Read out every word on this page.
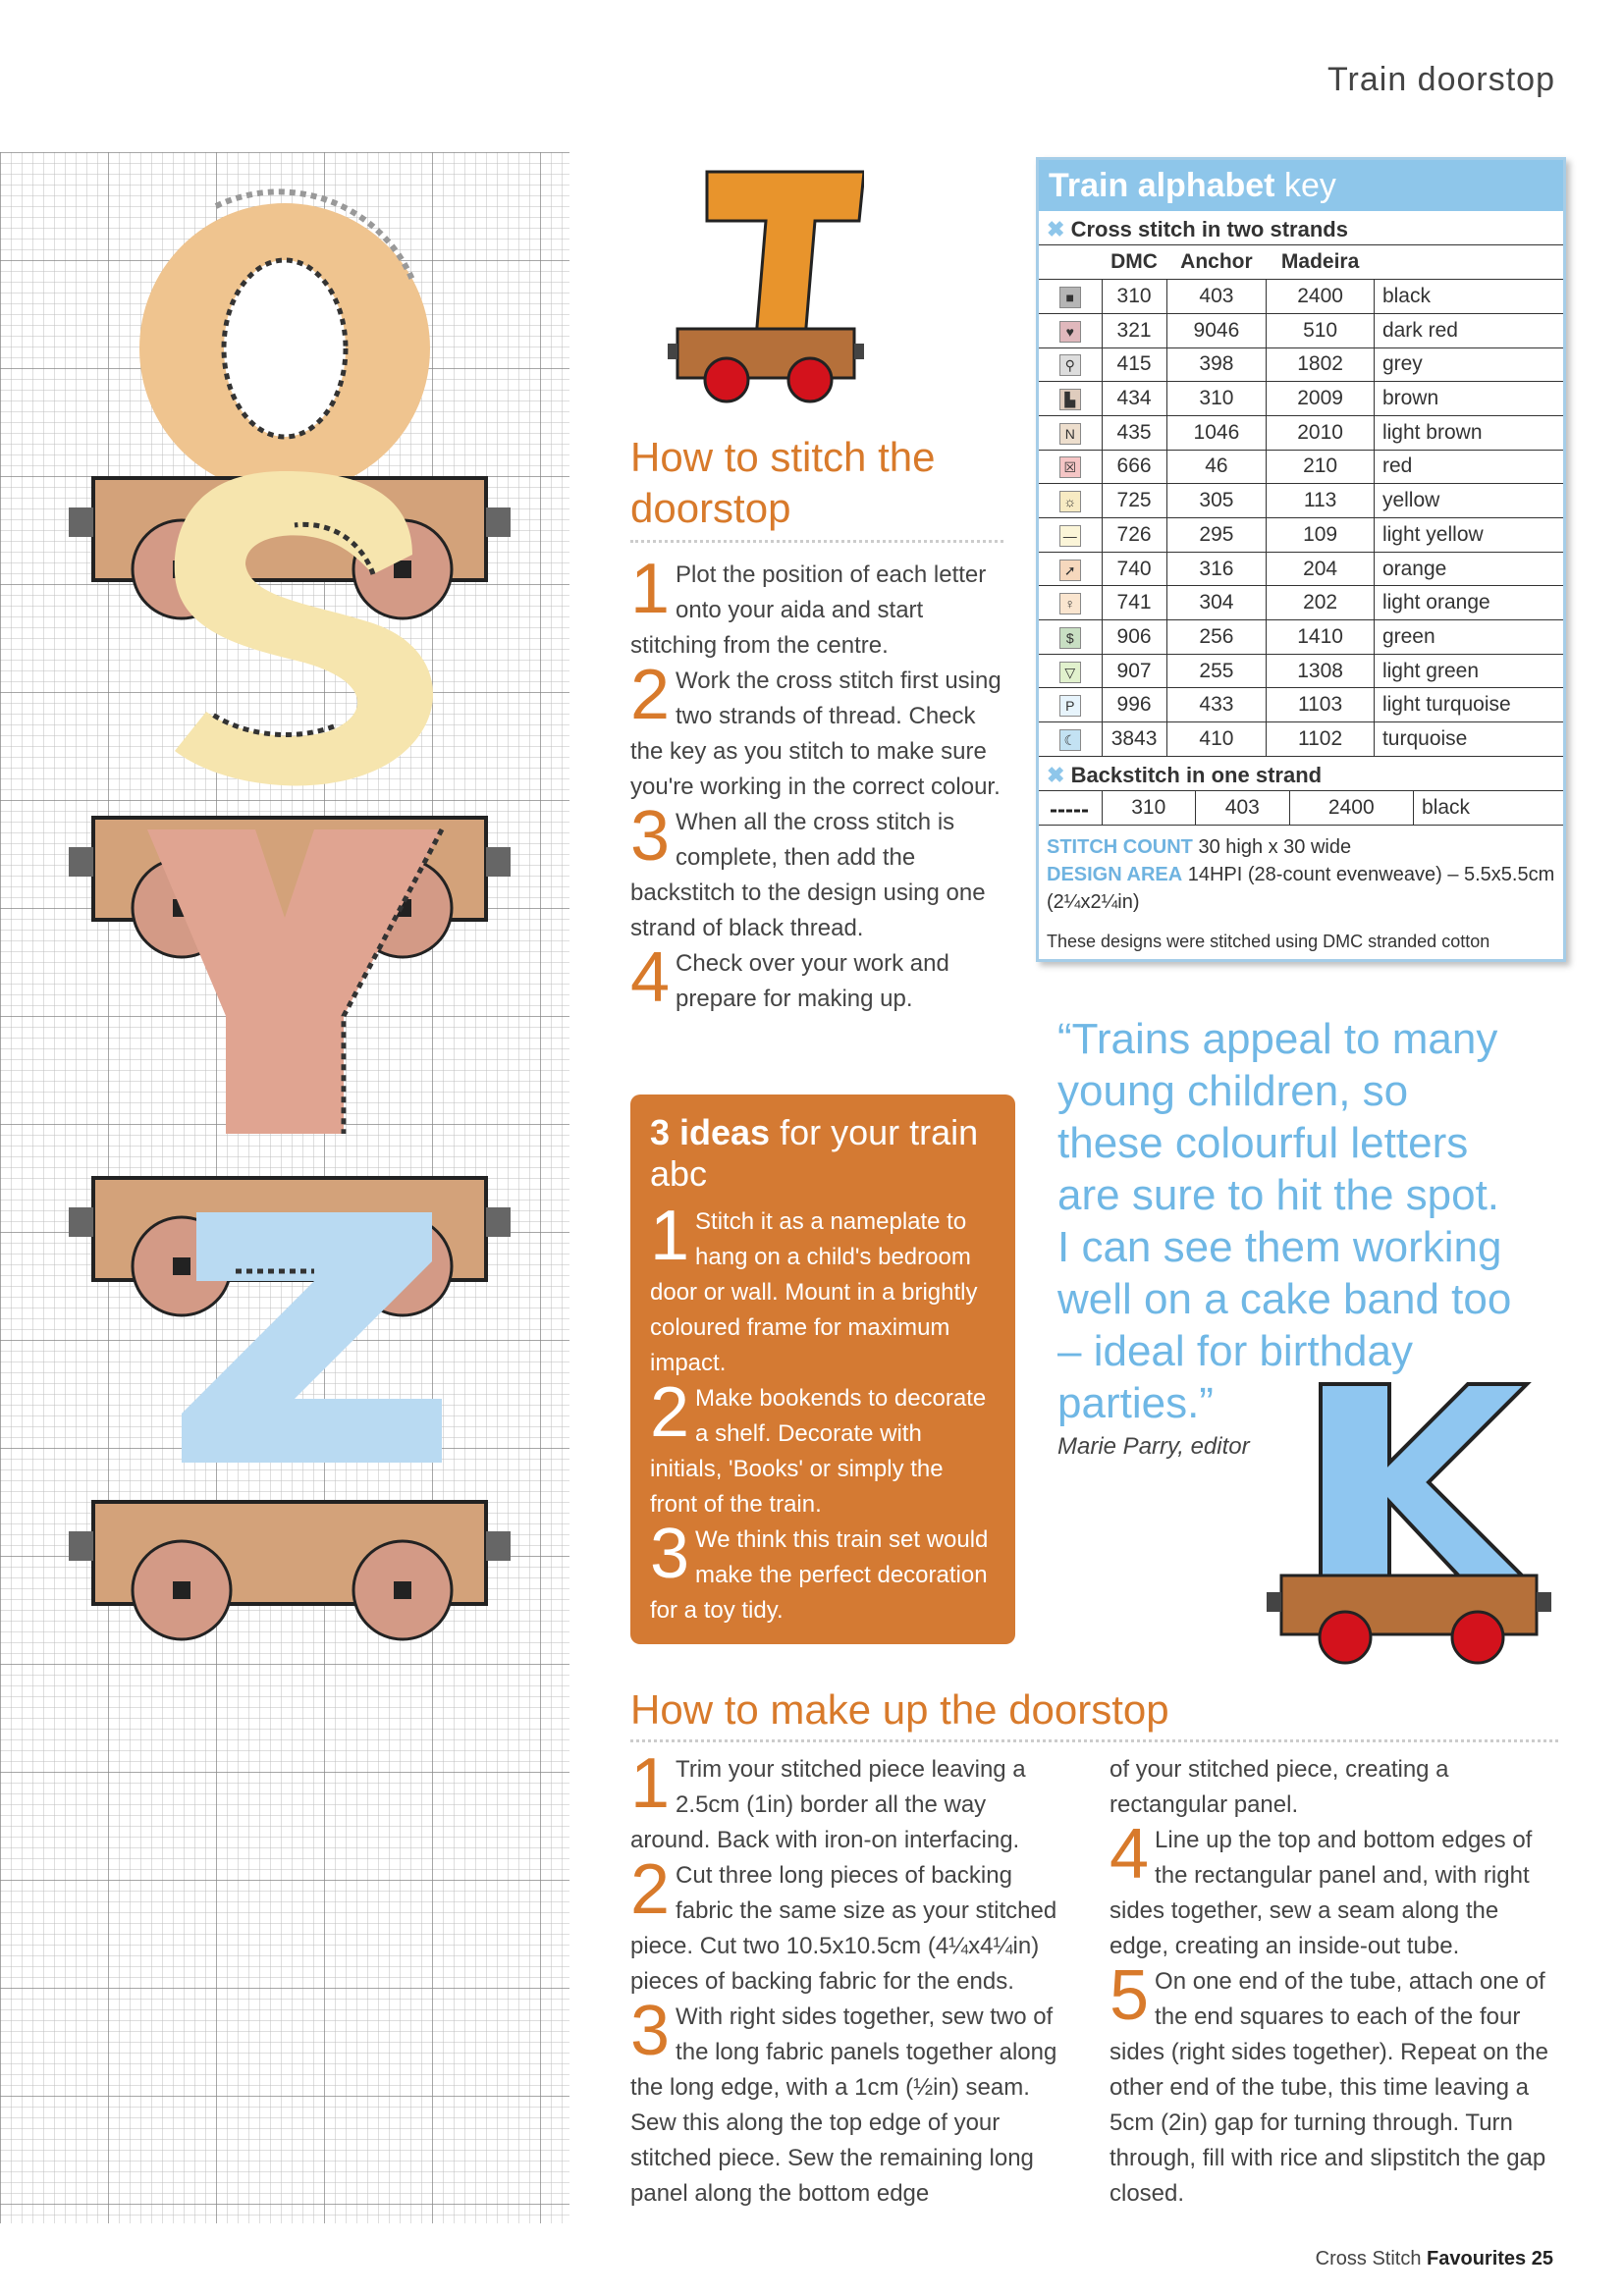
Train doorstop
How to stitch the doorstop
1 Plot the position of each letter onto your aida and start stitching from the centre.
2 Work the cross stitch first using two strands of thread. Check the key as you stitch to make sure you're working in the correct colour.
3 When all the cross stitch is complete, then add the backstitch to the design using one strand of black thread.
4 Check over your work and prepare for making up.
3 ideas for your train abc
1 Stitch it as a nameplate to hang on a child's bedroom door or wall. Mount in a brightly coloured frame for maximum impact.
2 Make bookends to decorate a shelf. Decorate with initials, 'Books' or simply the front of the train.
3 We think this train set would make the perfect decoration for a toy tidy.
Train alphabet key
✖ Cross stitch in two strands
	DMC	Anchor	Madeira	
■	310	403	2400	black
♥	321	9046	510	dark red
⚲	415	398	1802	grey
▙	434	310	2009	brown
N	435	1046	2010	light brown
☒	666	46	210	red
☼	725	305	113	yellow
—	726	295	109	light yellow
➚	740	316	204	orange
♀	741	304	202	light orange
$	906	256	1410	green
▽	907	255	1308	light green
P	996	433	1103	light turquoise
☾	3843	410	1102	turquoise
✖ Backstitch in one strand
	310	403	2400	black
STITCH COUNT 30 high x 30 wide
DESIGN AREA 14HPI (28-count evenweave) – 5.5x5.5cm (2¼x2¼in)
These designs were stitched using DMC stranded cotton
“Trains appeal to many young children, so these colourful letters are sure to hit the spot. I can see them working well on a cake band too – ideal for birthday parties.”
Marie Parry, editor
How to make up the doorstop
1 Trim your stitched piece leaving a 2.5cm (1in) border all the way around. Back with iron-on interfacing.
2 Cut three long pieces of backing fabric the same size as your stitched piece. Cut two 10.5x10.5cm (4¼x4¼in) pieces of backing fabric for the ends.
3 With right sides together, sew two of the long fabric panels together along the long edge, with a 1cm (½in) seam. Sew this along the top edge of your stitched piece. Sew the remaining long panel along the bottom edge
of your stitched piece, creating a rectangular panel.
4 Line up the top and bottom edges of the rectangular panel and, with right sides together, sew a seam along the edge, creating an inside-out tube.
5 On one end of the tube, attach one of the end squares to each of the four sides (right sides together). Repeat on the other end of the tube, this time leaving a 5cm (2in) gap for turning through. Turn through, fill with rice and slipstitch the gap closed.
Cross Stitch Favourites 25
